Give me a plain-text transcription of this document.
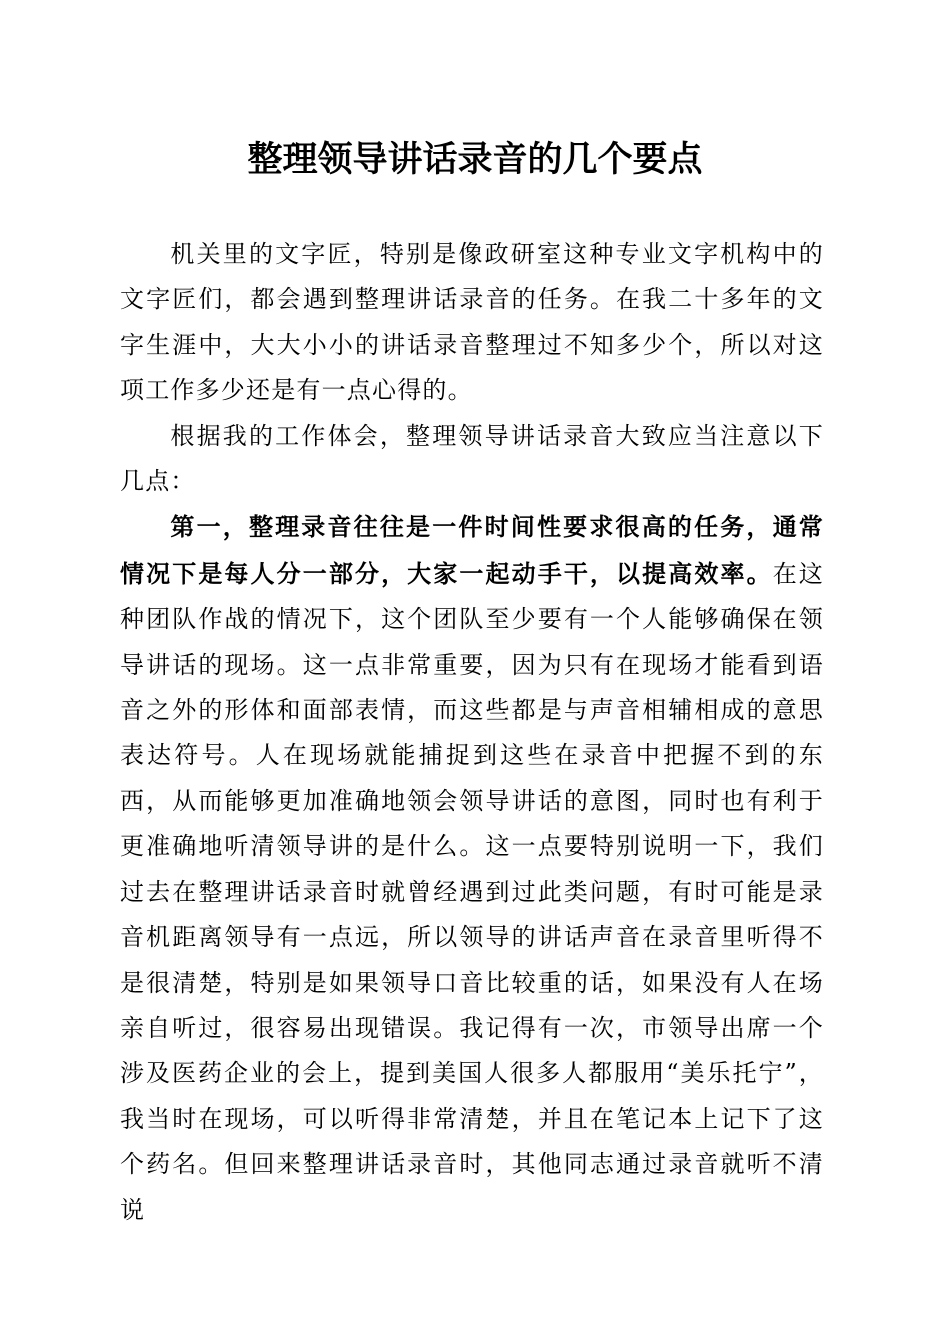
整理领导讲话录音的几个要点

机关里的文字匠，特别是像政研室这种专业文字机构中的文字匠们，都会遇到整理讲话录音的任务。在我二十多年的文字生涯中，大大小小的讲话录音整理过不知多少个，所以对这项工作多少还是有一点心得的。

根据我的工作体会，整理领导讲话录音大致应当注意以下几点：

第一，整理录音往往是一件时间性要求很高的任务，通常情况下是每人分一部分，大家一起动手干，以提高效率。在这种团队作战的情况下，这个团队至少要有一个人能够确保在领导讲话的现场。这一点非常重要，因为只有在现场才能看到语音之外的形体和面部表情，而这些都是与声音相辅相成的意思表达符号。人在现场就能捕捉到这些在录音中把握不到的东西，从而能够更加准确地领会领导讲话的意图，同时也有利于更准确地听清领导讲的是什么。这一点要特别说明一下，我们过去在整理讲话录音时就曾经遇到过此类问题，有时可能是录音机距离领导有一点远，所以领导的讲话声音在录音里听得不是很清楚，特别是如果领导口音比较重的话，如果没有人在场亲自听过，很容易出现错误。我记得有一次，市领导出席一个涉及医药企业的会上，提到美国人很多人都服用“美乐托宁”，我当时在现场，可以听得非常清楚，并且在笔记本上记下了这个药名。但回来整理讲话录音时，其他同志通过录音就听不清说
